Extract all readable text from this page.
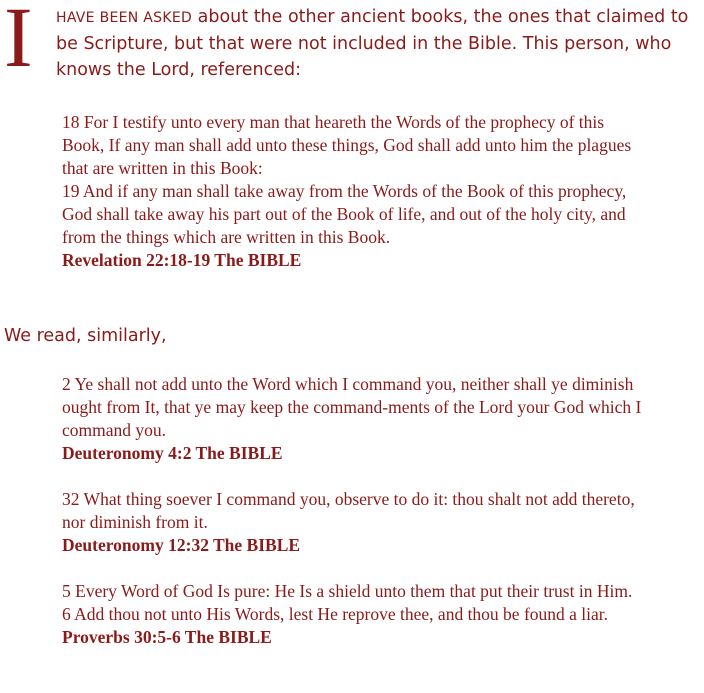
I HAVE BEEN ASKED about the other ancient books, the ones that claimed to be Scripture, but that were not included in the Bible. This person, who knows the Lord, referenced:
18 For I testify unto every man that heareth the Words of the prophecy of this Book, If any man shall add unto these things, God shall add unto him the plagues that are written in this Book:
19 And if any man shall take away from the Words of the Book of this prophecy, God shall take away his part out of the Book of life, and out of the holy city, and from the things which are written in this Book.
Revelation 22:18-19 The BIBLE
We read, similarly,
2 Ye shall not add unto the Word which I command you, neither shall ye diminish ought from It, that ye may keep the command-ments of the Lord your God which I command you.
Deuteronomy 4:2 The BIBLE
32 What thing soever I command you, observe to do it: thou shalt not add thereto, nor diminish from it.
Deuteronomy 12:32 The BIBLE
5 Every Word of God Is pure: He Is a shield unto them that put their trust in Him.
6 Add thou not unto His Words, lest He reprove thee, and thou be found a liar.
Proverbs 30:5-6 The BIBLE
